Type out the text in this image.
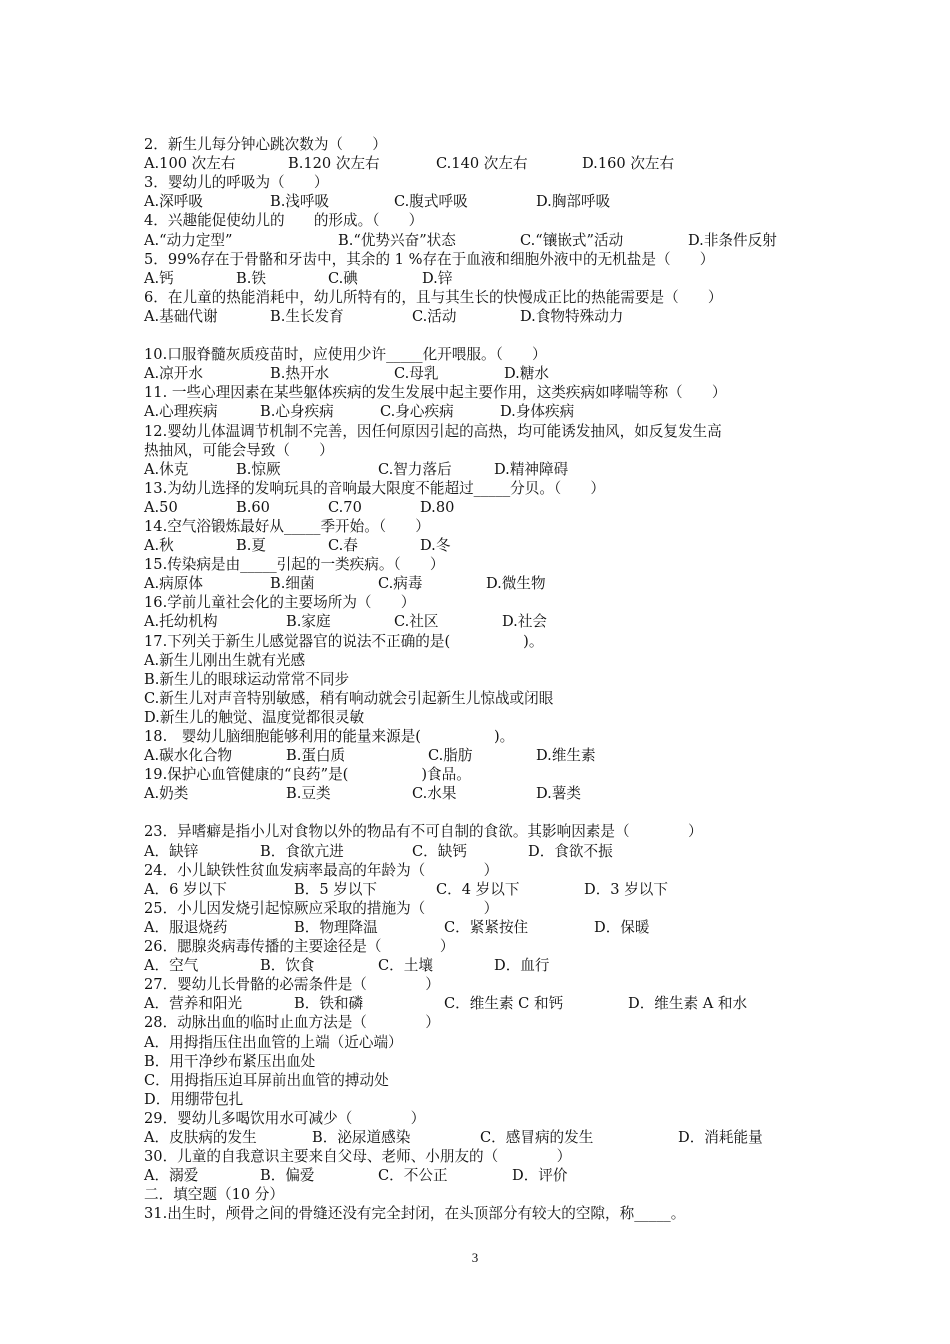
2．新生儿每分钟心跳次数为（　　）
A.100 次左右	B.120 次左右	C.140 次左右	D.160 次左右
3．婴幼儿的呼吸为（　　）
A.深呼吸	B.浅呼吸	C.腹式呼吸	D.胸部呼吸
4．兴趣能促使幼儿的　　的形成。（　　）
A.“动力定型”	B.“优势兴奋”状态	C.“镶嵌式”活动	D.非条件反射
5．99%存在于骨骼和牙齿中，其余的 1 %存在于血液和细胞外液中的无机盐是（　　）
A.钙	B.铁	C.碘	D.锌
6．在儿童的热能消耗中，幼儿所特有的，且与其生长的快慢成正比的热能需要是（　　）
A.基础代谢	B.生长发育	C.活动	D.食物特殊动力
10.口服脊髓灰质疫苗时，应使用少许_____化开喂服。（　　）
A.凉开水	B.热开水	C.母乳	D.糖水
11. 一些心理因素在某些躯体疾病的发生发展中起主要作用，这类疾病如哮喘等称（　　）
A.心理疾病	B.心身疾病	C.身心疾病	D.身体疾病
12.婴幼儿体温调节机制不完善，因任何原因引起的高热，均可能诱发抽风，如反复发生高
热抽风，可能会导致（　　）
A.休克	B.惊厥	C.智力落后	D.精神障碍
13.为幼儿选择的发响玩具的音响最大限度不能超过_____分贝。（　　）
A.50	B.60	C.70	D.80
14.空气浴锻炼最好从_____季开始。（　　）
A.秋	B.夏	C.春	D.冬
15.传染病是由_____引起的一类疾病。（　　）
A.病原体	B.细菌	C.病毒	D.微生物
16.学前儿童社会化的主要场所为（　　）
A.托幼机构	B.家庭	C.社区	D.社会
17.下列关于新生儿感觉器官的说法不正确的是(　　　　　)。
A.新生儿刚出生就有光感
B.新生儿的眼球运动常常不同步
C.新生儿对声音特别敏感，稍有响动就会引起新生儿惊战或闭眼
D.新生儿的触觉、温度觉都很灵敏
18.　婴幼儿脑细胞能够利用的能量来源是(　　　　　)。
A.碳水化合物	B.蛋白质	C.脂肪	D.维生素
19.保护心血管健康的“良药”是(　　　　　)食品。
A.奶类	B.豆类	C.水果	D.薯类
23．异嗜癖是指小儿对食物以外的物品有不可自制的食欲。其影响因素是（　　　　）
A．缺锌	B．食欲亢进	C．缺钙	D．食欲不振
24．小儿缺铁性贫血发病率最高的年龄为（　　　　）
A．6 岁以下	B．5 岁以下	C．4 岁以下	D．3 岁以下
25．小儿因发烧引起惊厥应采取的措施为（　　　　）
A．服退烧药	B．物理降温	C．紧紧按住	D．保暖
26．腮腺炎病毒传播的主要途径是（　　　　）
A．空气	B．饮食	C．土壤	D．血行
27．婴幼儿长骨骼的必需条件是（　　　　）
A．营养和阳光	B．铁和磷	C．维生素 C 和钙	D．维生素 A 和水
28．动脉出血的临时止血方法是（　　　　）
A．用拇指压住出血管的上端（近心端）
B．用干净纱布紧压出血处
C．用拇指压迫耳屏前出血管的搏动处
D．用绷带包扎
29．婴幼儿多喝饮用水可减少（　　　　）
A．皮肤病的发生	B．泌尿道感染	C．感冒病的发生	D．消耗能量
30．儿童的自我意识主要来自父母、老师、小朋友的（　　　　）
A．溺爱	B．偏爱	C．不公正	D．评价
二．填空题（10 分）
31.出生时，颅骨之间的骨缝还没有完全封闭，在头顶部分有较大的空隙，称_____。
3
